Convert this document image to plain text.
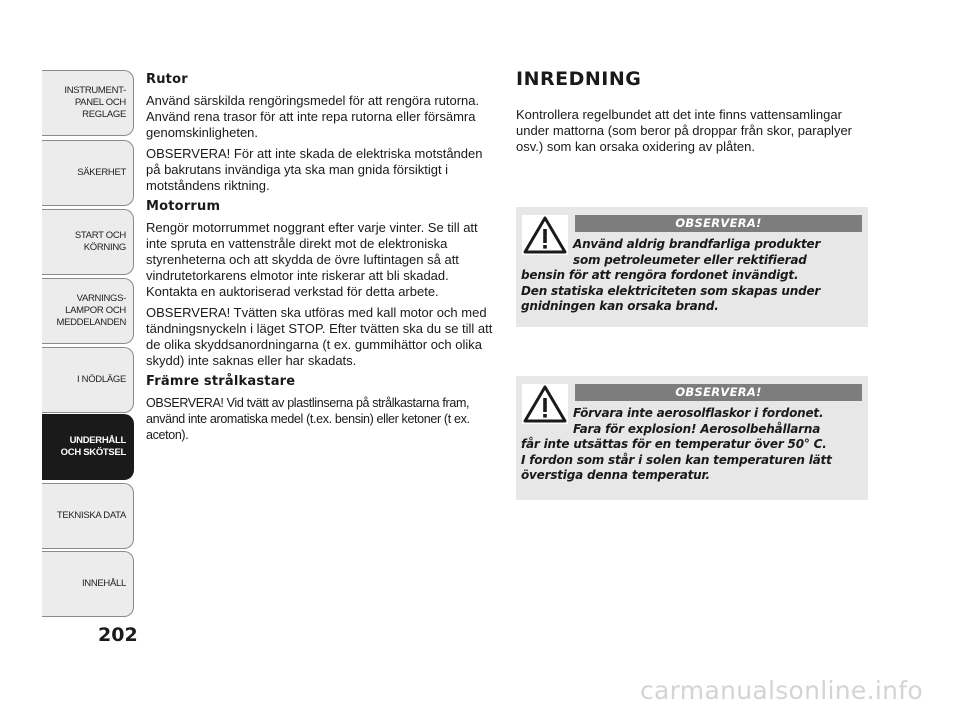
INSTRUMENT-
PANEL OCH
REGLAGE
SÄKERHET
START OCH
KÖRNING
VARNINGS-
LAMPOR OCH
MEDDELANDEN
I NÖDLÄGE
UNDERHÅLL
OCH SKÖTSEL
TEKNISKA DATA
INNEHÅLL
202
Rutor

Använd särskilda rengöringsmedel för att rengöra rutorna.
Använd rena trasor för att inte repa rutorna eller försämra genomskinligheten.

OBSERVERA! För att inte skada de elektriska motstånden på bakrutans invändiga yta ska man gnida försiktigt i motståndens riktning.

Motorrum

Rengör motorrummet noggrant efter varje vinter. Se till att inte spruta en vattenstråle direkt mot de elektroniska styrenheterna och att skydda de övre luftintagen så att vindrutetorkarens elmotor inte riskerar att bli skadad. Kontakta en auktoriserad verkstad för detta arbete.

OBSERVERA! Tvätten ska utföras med kall motor och med tändningsnyckeln i läget STOP. Efter tvätten ska du se till att de olika skyddsanordningarna (t ex. gummihättor och olika skydd) inte saknas eller har skadats.

Främre strålkastare

OBSERVERA! Vid tvätt av plastlinserna på strålkastarna fram, använd inte aromatiska medel (t.ex. bensin) eller ketoner (t ex. aceton).

INREDNING

Kontrollera regelbundet att det inte finns vattensamlingar under mattorna (som beror på droppar från skor, paraplyer osv.) som kan orsaka oxidering av plåten.

OBSERVERA!
Använd aldrig brandfarliga produkter
som petroleumeter eller rektifierad
bensin för att rengöra fordonet invändigt.
Den statiska elektriciteten som skapas under gnidningen kan orsaka brand.
OBSERVERA!
Förvara inte aerosolflaskor i fordonet.
Fara för explosion! Aerosolbehållarna
får inte utsättas för en temperatur över 50° C.
I fordon som står i solen kan temperaturen lätt överstiga denna temperatur.
carmanualsonline.info
